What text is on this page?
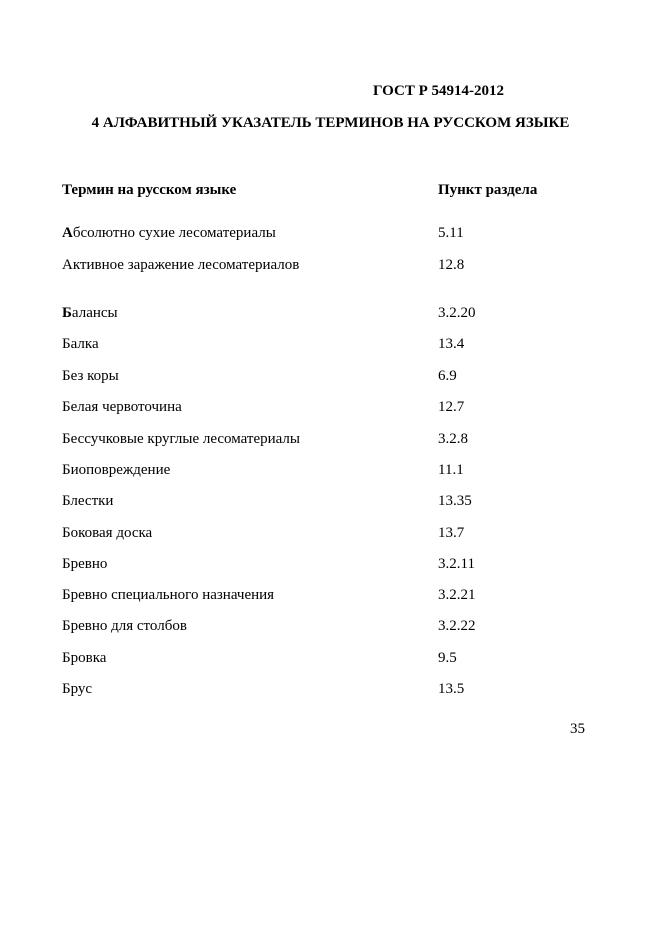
ГОСТ Р 54914-2012
4 АЛФАВИТНЫЙ УКАЗАТЕЛЬ ТЕРМИНОВ НА РУССКОМ ЯЗЫКЕ
Термин на русском языке	Пункт раздела
Абсолютно сухие лесоматериалы	5.11
Активное заражение лесоматериалов	12.8
Балансы	3.2.20
Балка	13.4
Без коры	6.9
Белая червоточина	12.7
Бессучковые круглые лесоматериалы	3.2.8
Биоповреждение	11.1
Блестки	13.35
Боковая доска	13.7
Бревно	3.2.11
Бревно специального назначения	3.2.21
Бревно для столбов	3.2.22
Бровка	9.5
Брус	13.5
35
